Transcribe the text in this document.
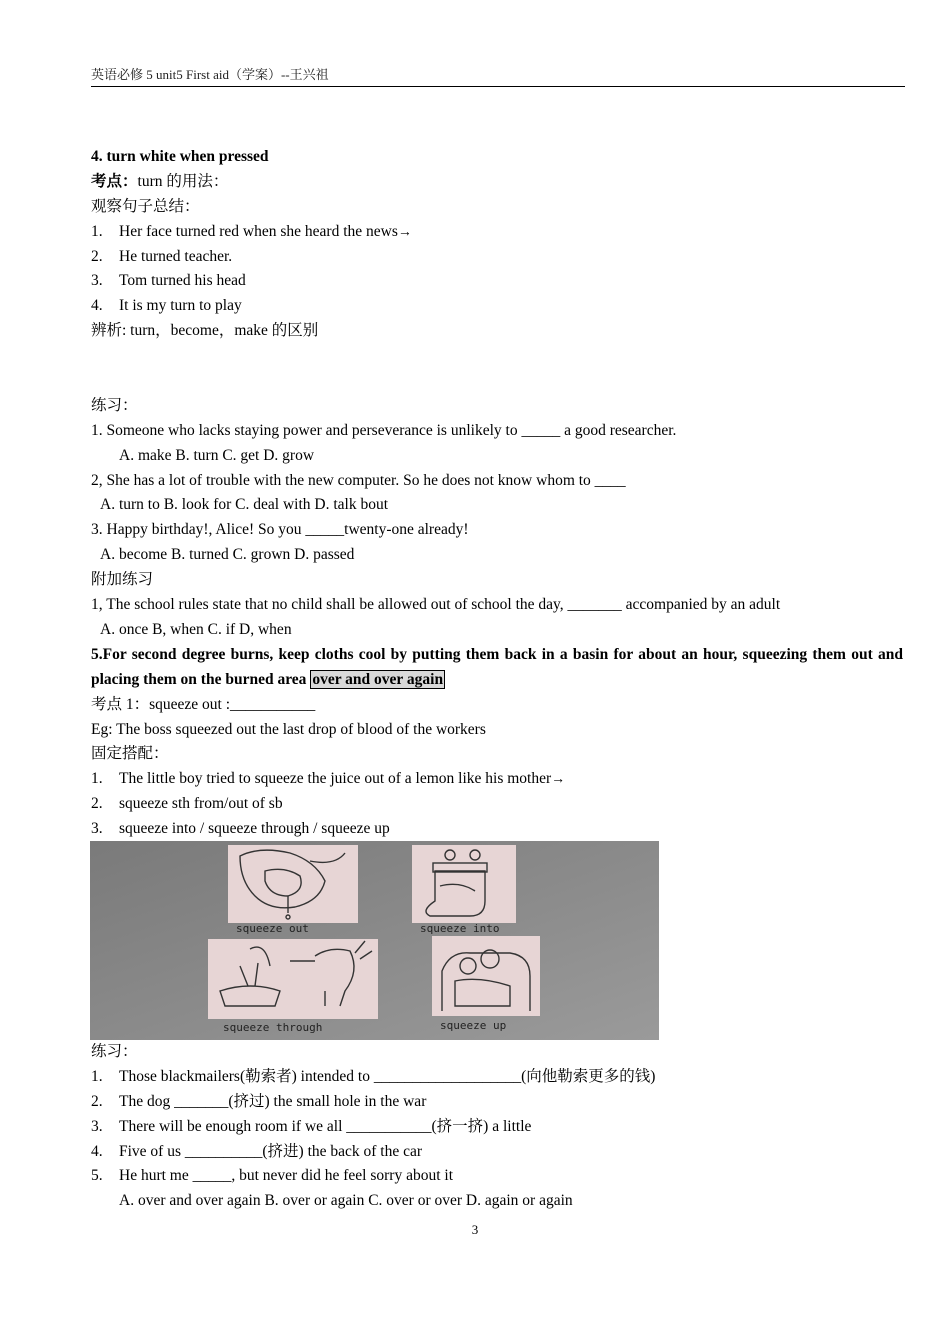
英语必修 5 unit5 First aid（学案）--王兴祖
4. turn white when pressed
考点：turn 的用法：
观察句子总结：
1. Her face turned red when she heard the news→
2. He turned teacher.
3. Tom turned his head
4. It is my turn to play
辨析: turn，become，make 的区别
练习：
1. Someone who lacks staying power and perseverance is unlikely to _____ a good researcher.
A. make B. turn C. get D. grow
2, She has a lot of trouble with the new computer. So he does not know whom to ____
A. turn to B. look for C. deal with D. talk bout
3. Happy birthday!, Alice! So you _____twenty-one already!
A. become B. turned C. grown D. passed
附加练习
1, The school rules state that no child shall be allowed out of school the day, _______ accompanied by an adult
A. once B, when C. if D, when
5.For second degree burns, keep cloths cool by putting them back in a basin for about an hour, squeezing them out and placing them on the burned area over and over again
考点 1：squeeze out :___________
Eg: The boss squeezed out the last drop of blood of the workers
固定搭配：
1. The little boy tried to squeeze the juice out of a lemon like his mother→
2. squeeze sth from/out of sb
3. squeeze into / squeeze through / squeeze up
squeeze out	squeeze into
squeeze through	squeeze up
练习：
1. Those blackmailers(勒索者) intended to ___________________(向他勒索更多的钱)
2. The dog _______(挤过) the small hole in the war
3. There will be enough room if we all ___________(挤一挤) a little
4. Five of us __________(挤进) the back of the car
5. He hurt me _____, but never did he feel sorry about it
A. over and over again B. over or again C. over or over D. again or again
3
